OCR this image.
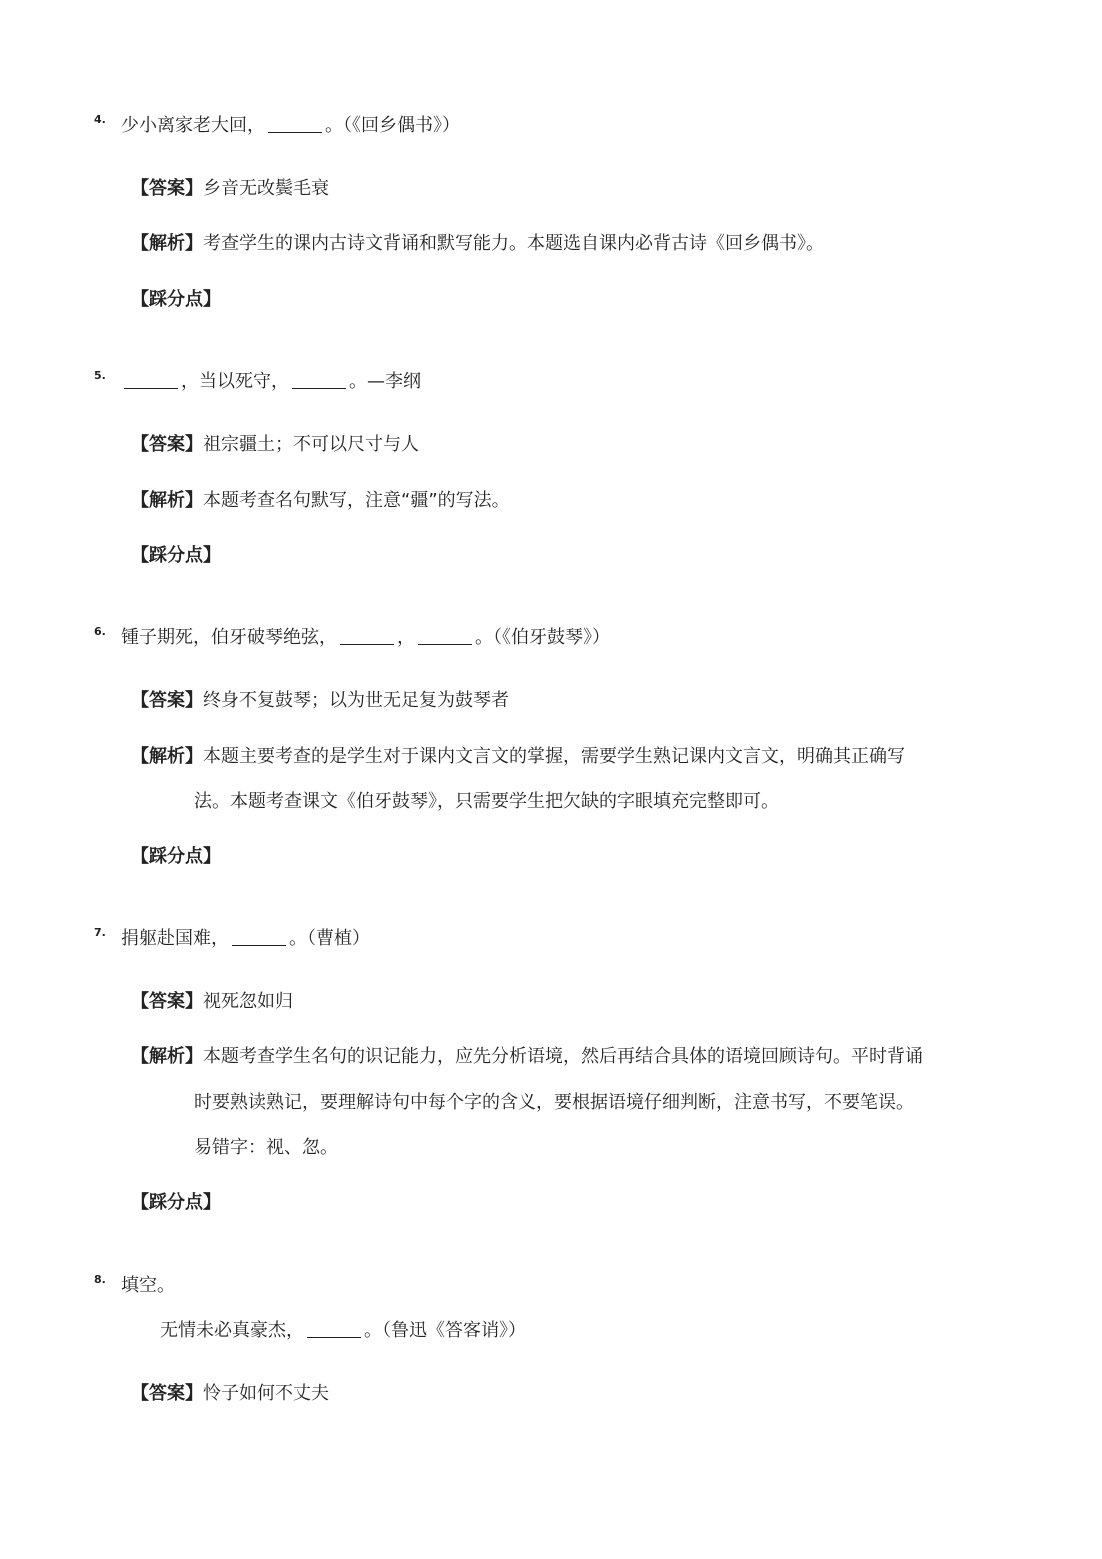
4. 少小离家老大回，	。（《回乡偶书》）
【答案】乡音无改鬓毛衰
【解析】考查学生的课内古诗文背诵和默写能力。本题选自课内必背古诗《回乡偶书》。
【踩分点】
5.	，当以死守，	。—李纲
【答案】祖宗疆土；不可以尺寸与人
【解析】本题考查名句默写，注意“疆”的写法。
【踩分点】
6. 锺子期死，伯牙破琴绝弦，	，	。（《伯牙鼓琴》）
【答案】终身不复鼓琴；以为世无足复为鼓琴者
【解析】本题主要考查的是学生对于课内文言文的掌握，需要学生熟记课内文言文，明确其正确写
法。本题考查课文《伯牙鼓琴》，只需要学生把欠缺的字眼填充完整即可。
【踩分点】
7. 捐躯赴国难，	。（曹植）
【答案】视死忽如归
【解析】本题考查学生名句的识记能力，应先分析语境，然后再结合具体的语境回顾诗句。平时背诵
时要熟读熟记，要理解诗句中每个字的含义，要根据语境仔细判断，注意书写，不要笔误。
易错字：视、忽。
【踩分点】
8. 填空。
无情未必真豪杰，	。（鲁迅《答客诮》）
【答案】怜子如何不丈夫
